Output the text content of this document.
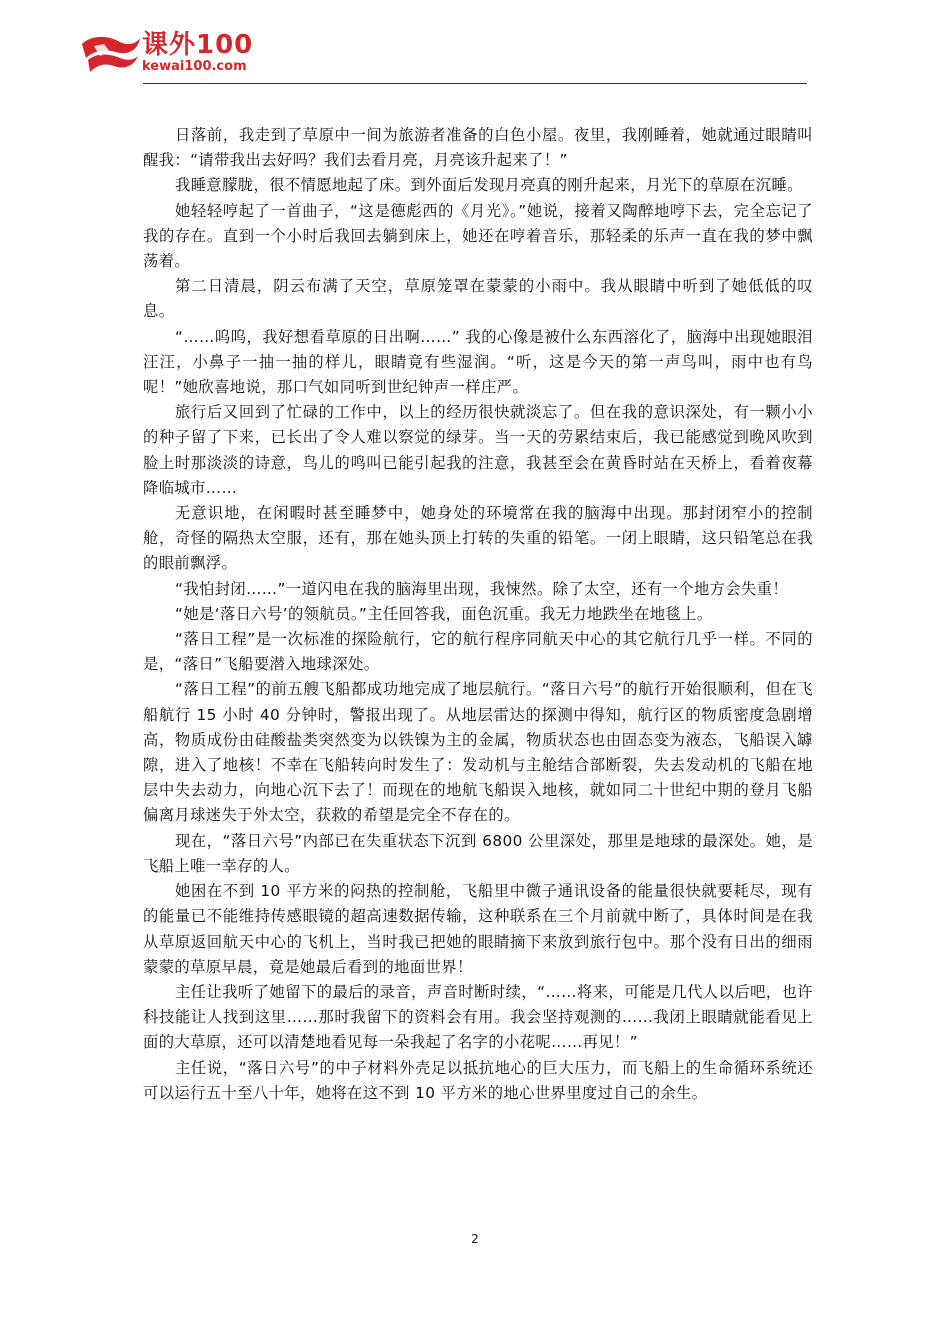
课外100
kewai100.com

日落前，我走到了草原中一间为旅游者准备的白色小屋。夜里，我刚睡着，她就通过眼睛叫醒我：“请带我出去好吗？我们去看月亮，月亮该升起来了！”

我睡意朦胧，很不情愿地起了床。到外面后发现月亮真的刚升起来，月光下的草原在沉睡。

她轻轻哼起了一首曲子，“这是德彪西的《月光》。”她说，接着又陶醉地哼下去，完全忘记了我的存在。直到一个小时后我回去躺到床上，她还在哼着音乐，那轻柔的乐声一直在我的梦中飘荡着。

第二日清晨，阴云布满了天空，草原笼罩在蒙蒙的小雨中。我从眼睛中听到了她低低的叹息。

“……呜呜，我好想看草原的日出啊……” 我的心像是被什么东西溶化了，脑海中出现她眼泪汪汪，小鼻子一抽一抽的样儿，眼睛竟有些湿润。“听，这是今天的第一声鸟叫，雨中也有鸟呢！”她欣喜地说，那口气如同听到世纪钟声一样庄严。

旅行后又回到了忙碌的工作中，以上的经历很快就淡忘了。但在我的意识深处，有一颗小小的种子留了下来，已长出了令人难以察觉的绿芽。当一天的劳累结束后，我已能感觉到晚风吹到脸上时那淡淡的诗意，鸟儿的鸣叫已能引起我的注意，我甚至会在黄昏时站在天桥上，看着夜幕降临城市……

无意识地，在闲暇时甚至睡梦中，她身处的环境常在我的脑海中出现。那封闭窄小的控制舱，奇怪的隔热太空服，还有，那在她头顶上打转的失重的铅笔。一闭上眼睛，这只铅笔总在我的眼前飘浮。

“我怕封闭……”一道闪电在我的脑海里出现，我悚然。除了太空，还有一个地方会失重！

“她是‘落日六号’的领航员。”主任回答我，面色沉重。我无力地跌坐在地毯上。

“落日工程”是一次标准的探险航行，它的航行程序同航天中心的其它航行几乎一样。不同的是，“落日”飞船要潜入地球深处。

“落日工程”的前五艘飞船都成功地完成了地层航行。“落日六号”的航行开始很顺利，但在飞船航行 15 小时 40 分钟时，警报出现了。从地层雷达的探测中得知，航行区的物质密度急剧增高，物质成份由硅酸盐类突然变为以铁镍为主的金属，物质状态也由固态变为液态，飞船误入罅隙，进入了地核！不幸在飞船转向时发生了：发动机与主舱结合部断裂，失去发动机的飞船在地层中失去动力，向地心沉下去了！而现在的地航飞船误入地核，就如同二十世纪中期的登月飞船偏离月球迷失于外太空，获救的希望是完全不存在的。

现在，“落日六号”内部已在失重状态下沉到 6800 公里深处，那里是地球的最深处。她，是飞船上唯一幸存的人。

她困在不到 10 平方米的闷热的控制舱，飞船里中微子通讯设备的能量很快就要耗尽，现有的能量已不能维持传感眼镜的超高速数据传输，这种联系在三个月前就中断了，具体时间是在我从草原返回航天中心的飞机上，当时我已把她的眼睛摘下来放到旅行包中。那个没有日出的细雨蒙蒙的草原早晨，竟是她最后看到的地面世界！

主任让我听了她留下的最后的录音，声音时断时续，“……将来，可能是几代人以后吧，也许科技能让人找到这里……那时我留下的资料会有用。我会坚持观测的……我闭上眼睛就能看见上面的大草原，还可以清楚地看见每一朵我起了名字的小花呢……再见！”

主任说，“落日六号”的中子材料外壳足以抵抗地心的巨大压力，而飞船上的生命循环系统还可以运行五十至八十年，她将在这不到 10 平方米的地心世界里度过自己的余生。

2
